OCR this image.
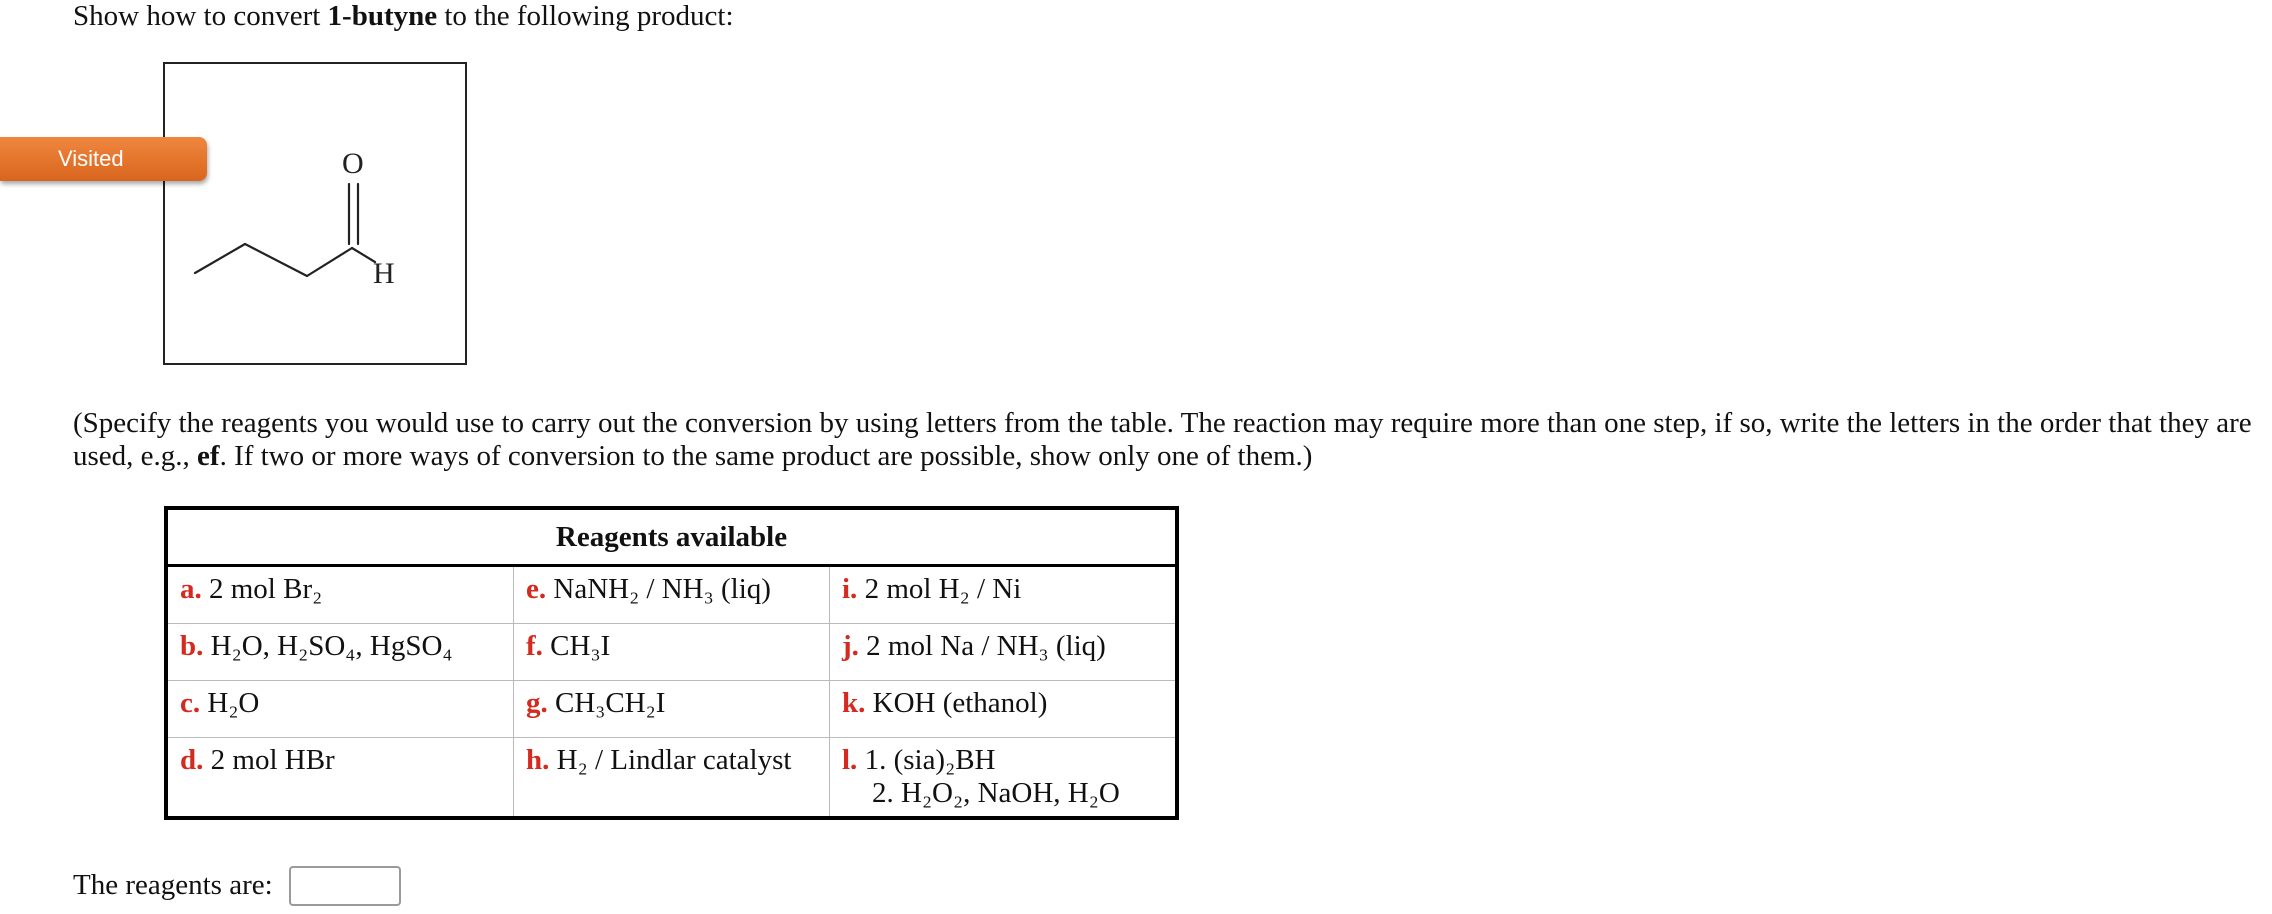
Show how to convert 1-butyne to the following product:
O
H
Visited
(Specify the reagents you would use to carry out the conversion by using letters from the table. The reaction may require more than one step, if so, write the letters in the order that they are used, e.g., ef. If two or more ways of conversion to the same product are possible, show only one of them.)
Reagents available		
a. 2 mol Br₂	e. NaNH₂ / NH₃ (liq)	i. 2 mol H₂ / Ni
b. H₂O, H₂SO₄, HgSO₄	f. CH₃I	j. 2 mol Na / NH₃ (liq)
c. H₂O	g. CH₃CH₂I	k. KOH (ethanol)
d. 2 mol HBr	h. H₂ / Lindlar catalyst	l. 1. (sia)₂BH
2. H₂O₂, NaOH, H₂O
The reagents are:
